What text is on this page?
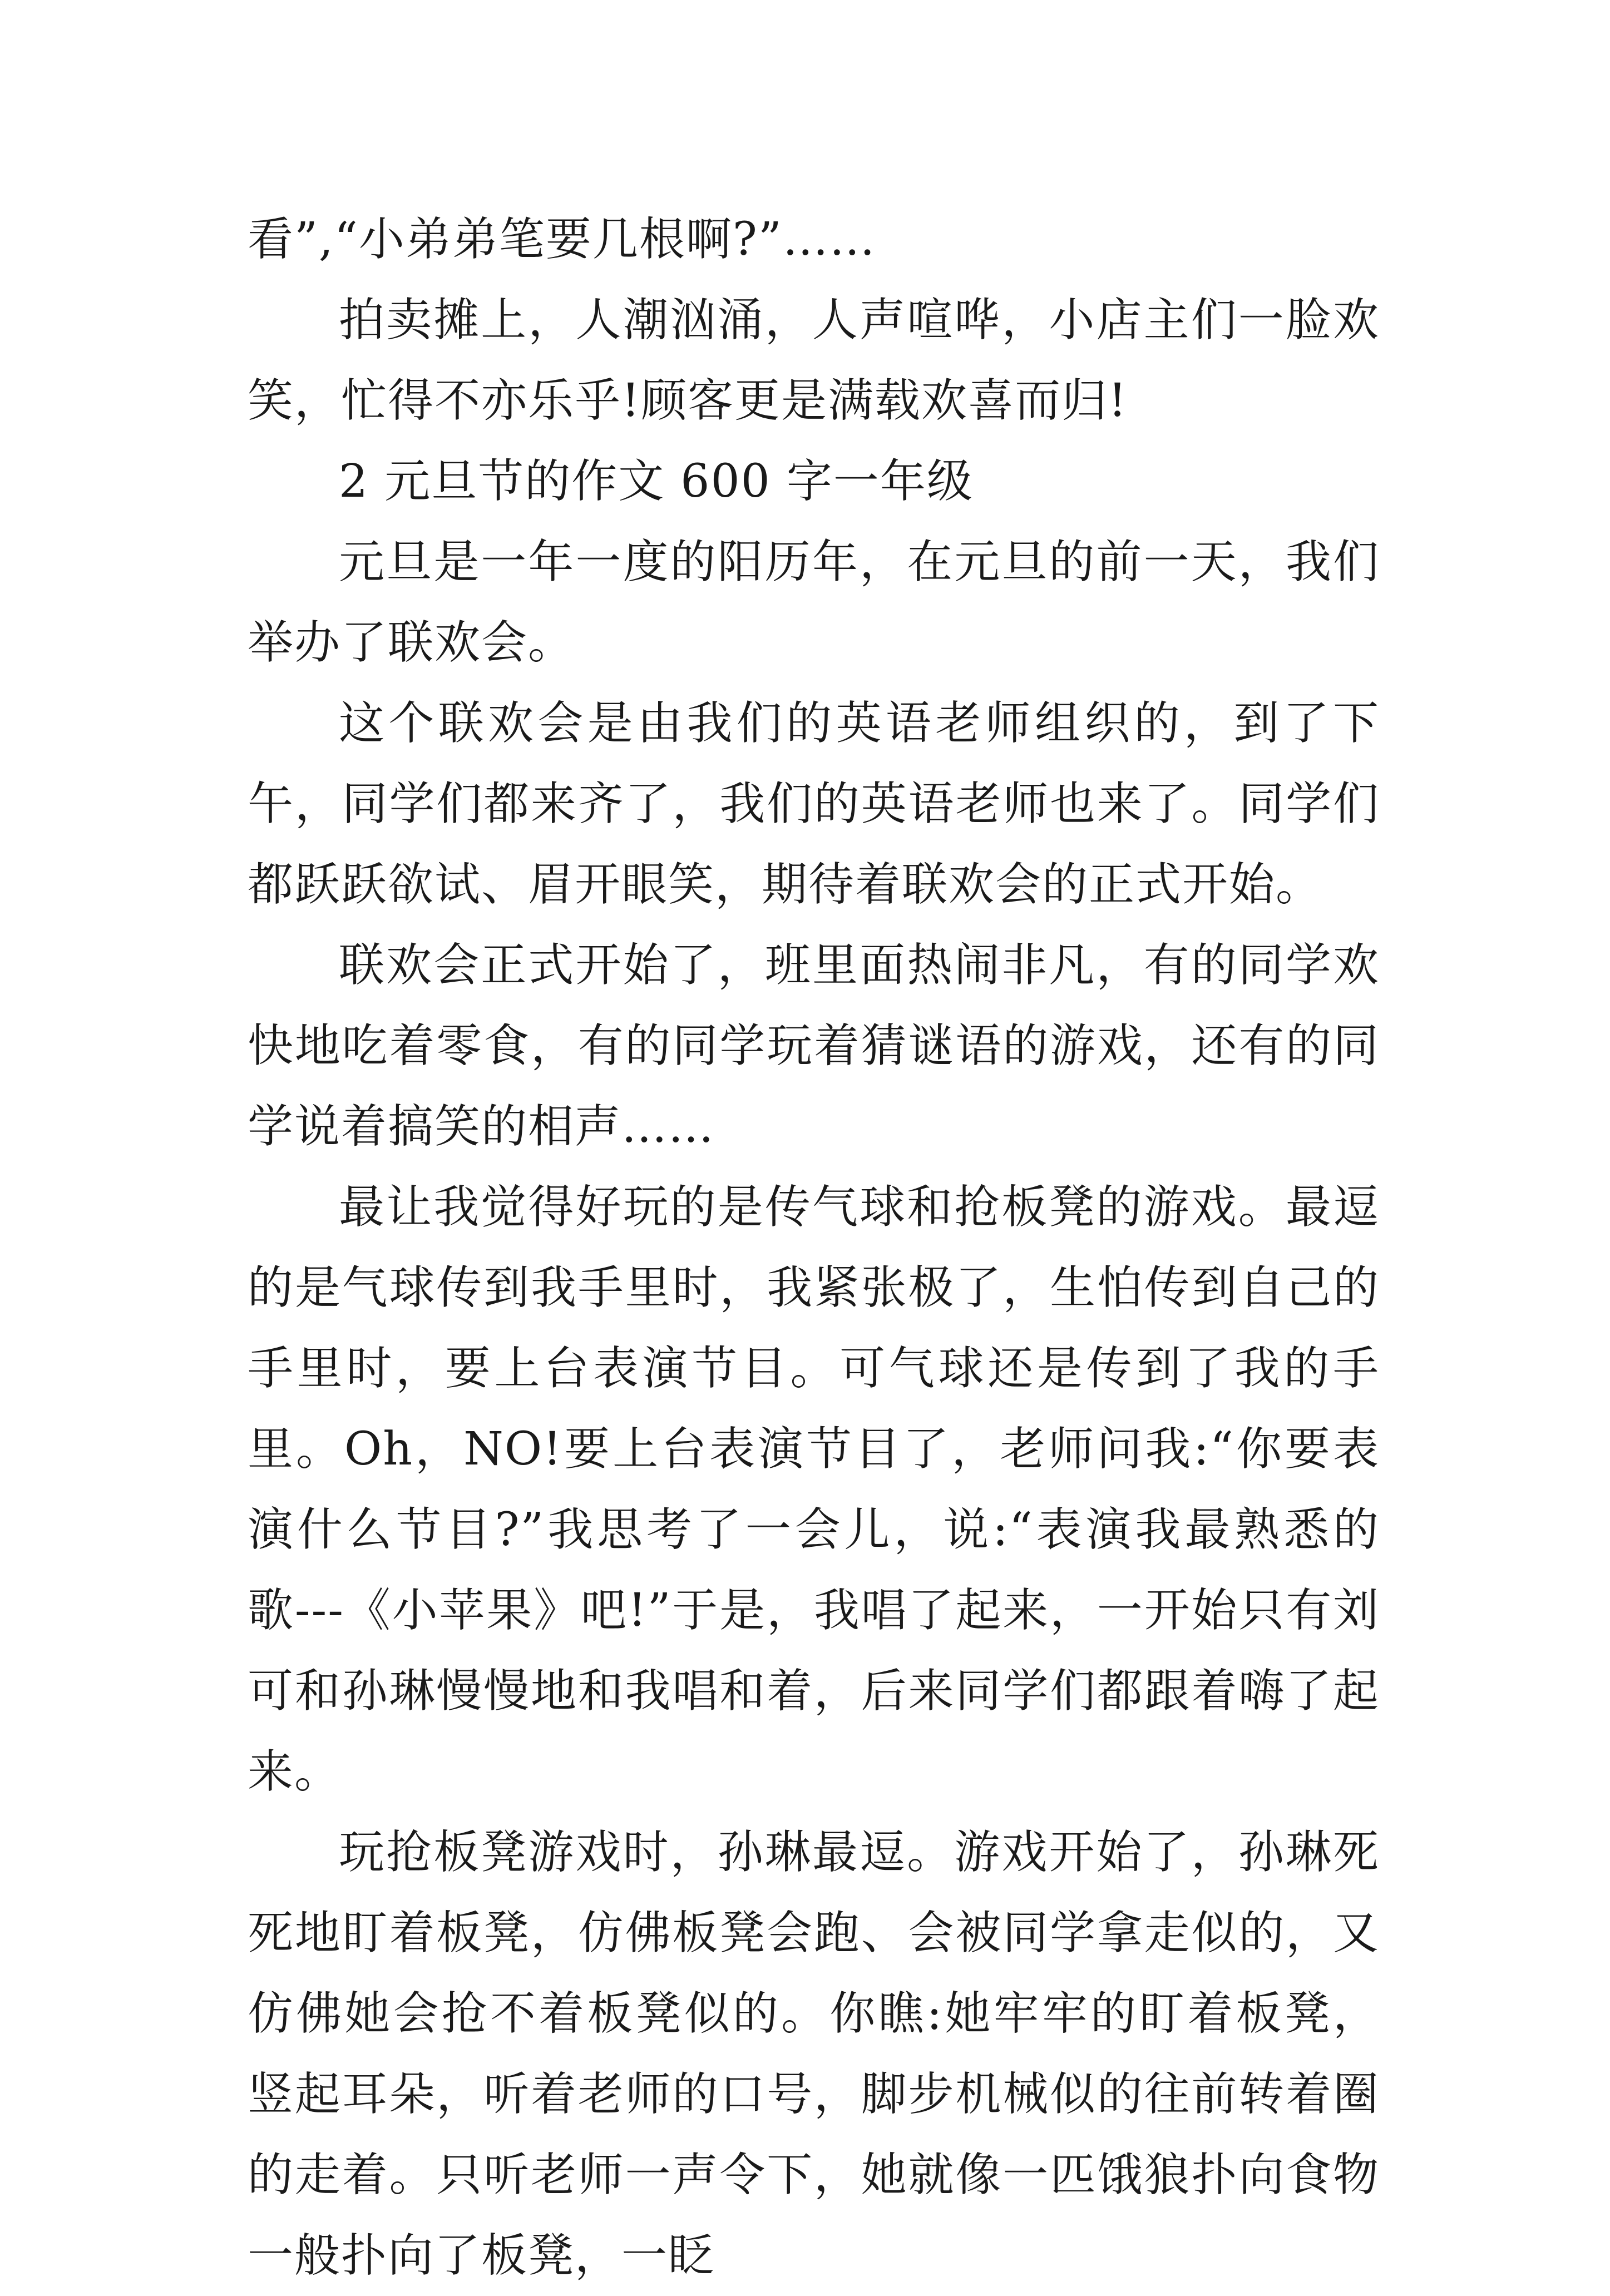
看”,“小弟弟笔要几根啊?”……

拍卖摊上，人潮汹涌，人声喧哗，小店主们一脸欢笑，忙得不亦乐乎!顾客更是满载欢喜而归!

2 元旦节的作文 600 字一年级

元旦是一年一度的阳历年，在元旦的前一天，我们举办了联欢会。

这个联欢会是由我们的英语老师组织的，到了下午，同学们都来齐了，我们的英语老师也来了。同学们都跃跃欲试、眉开眼笑，期待着联欢会的正式开始。

联欢会正式开始了，班里面热闹非凡，有的同学欢快地吃着零食，有的同学玩着猜谜语的游戏，还有的同学说着搞笑的相声……

最让我觉得好玩的是传气球和抢板凳的游戏。最逗的是气球传到我手里时，我紧张极了，生怕传到自己的手里时，要上台表演节目。可气球还是传到了我的手里。Oh，NO!要上台表演节目了，老师问我:“你要表演什么节目?”我思考了一会儿，说:“表演我最熟悉的歌---《小苹果》吧!”于是，我唱了起来，一开始只有刘可和孙琳慢慢地和我唱和着，后来同学们都跟着嗨了起来。

玩抢板凳游戏时，孙琳最逗。游戏开始了，孙琳死死地盯着板凳，仿佛板凳会跑、会被同学拿走似的，又仿佛她会抢不着板凳似的。你瞧:她牢牢的盯着板凳，竖起耳朵，听着老师的口号，脚步机械似的往前转着圈的走着。只听老师一声令下，她就像一匹饿狼扑向食物一般扑向了板凳，一眨
